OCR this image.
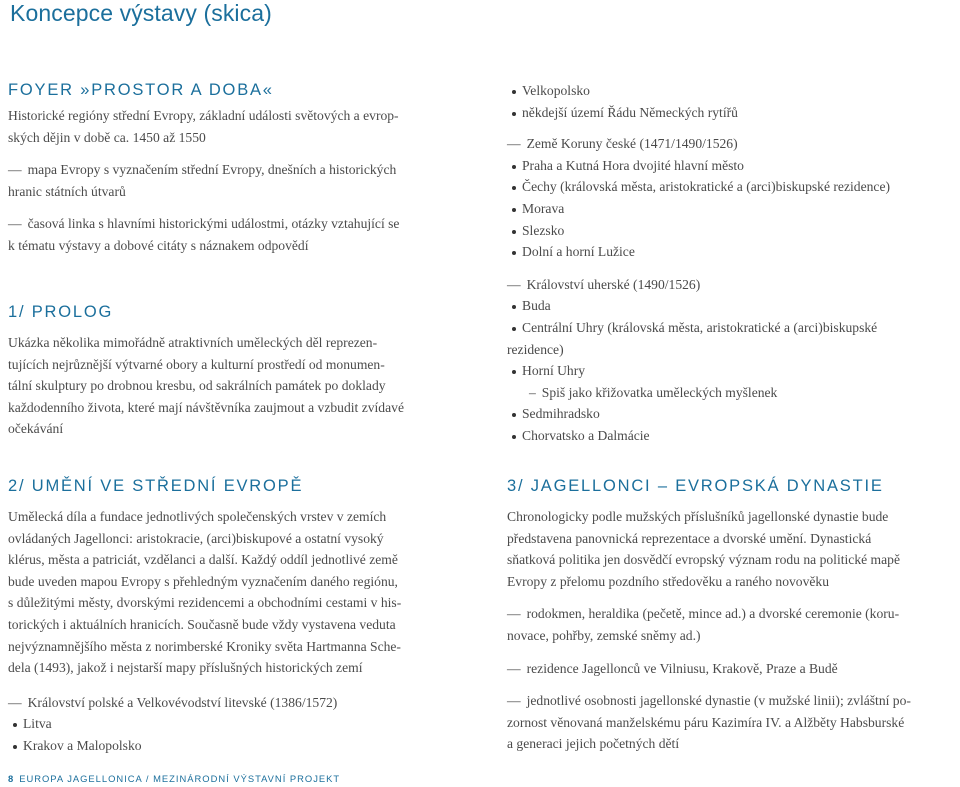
Koncepce výstavy (skica)
FOYER »PROSTOR A DOBA«
Historické regióny střední Evropy, základní události světových a evrop-
ských dějin v době ca. 1450 až 1550
— mapa Evropy s vyznačením střední Evropy, dnešních a historických
hranic státních útvarů
— časová linka s hlavními historickými událostmi, otázky vztahující se
k tématu výstavy a dobové citáty s náznakem odpovědí
1/ PROLOG
Ukázka několika mimořádně atraktivních uměleckých děl reprezen-
tujících nejrůznější výtvarné obory a kulturní prostředí od monumen-
tální skulptury po drobnou kresbu, od sakrálních památek po doklady
každodenního života, které mají návštěvníka zaujmout a vzbudit zvídavé
očekávání
2/ UMĚNÍ VE STŘEDNÍ EVROPĚ
Umělecká díla a fundace jednotlivých společenských vrstev v zemích
ovládaných Jagellonci: aristokracie, (arci)biskupové a ostatní vysoký
klérus, města a patriciát, vzdělanci a další. Každý oddíl jednotlivé země
bude uveden mapou Evropy s přehledným vyznačením daného regiónu,
s důležitými městy, dvorskými rezidencemi a obchodními cestami v his-
torických i aktuálních hranicích. Současně bude vždy vystavena veduta
nejvýznamnějšího města z norimberské Kroniky světa Hartmanna Sche-
dela (1493), jakož i nejstarší mapy příslušných historických zemí
— Království polské a Velkovévodství litevské (1386/1572)
Litva
Krakov a Malopolsko
Velkopolsko
někdejší území Řádu Německých rytířů
— Země Koruny české (1471/1490/1526)
Praha a Kutná Hora dvojité hlavní město
Čechy (královská města, aristokratické a (arci)biskupské rezidence)
Morava
Slezsko
Dolní a horní Lužice
— Království uherské (1490/1526)
Buda
Centrální Uhry (královská města, aristokratické a (arci)biskupské
rezidence)
Horní Uhry
– Spiš jako křižovatka uměleckých myšlenek
Sedmihradsko
Chorvatsko a Dalmácie
3/ JAGELLONCI – EVROPSKÁ DYNASTIE
Chronologicky podle mužských příslušníků jagellonské dynastie bude
představena panovnická reprezentace a dvorské umění. Dynastická
sňatková politika jen dosvědčí evropský význam rodu na politické mapě
Evropy z přelomu pozdního středověku a raného novověku
— rodokmen, heraldika (pečetě, mince ad.) a dvorské ceremonie (koru-
novace, pohřby, zemské sněmy ad.)
— rezidence Jagellonců ve Vilniusu, Krakově, Praze a Budě
— jednotlivé osobnosti jagellonské dynastie (v mužské linii); zvláštní po-
zornost věnovaná manželskému páru Kazimíra IV. a Alžběty Habsburské
a generaci jejich početných dětí
8 EUROPA JAGELLONICA / MEZINÁRODNÍ VÝSTAVNÍ PROJEKT
